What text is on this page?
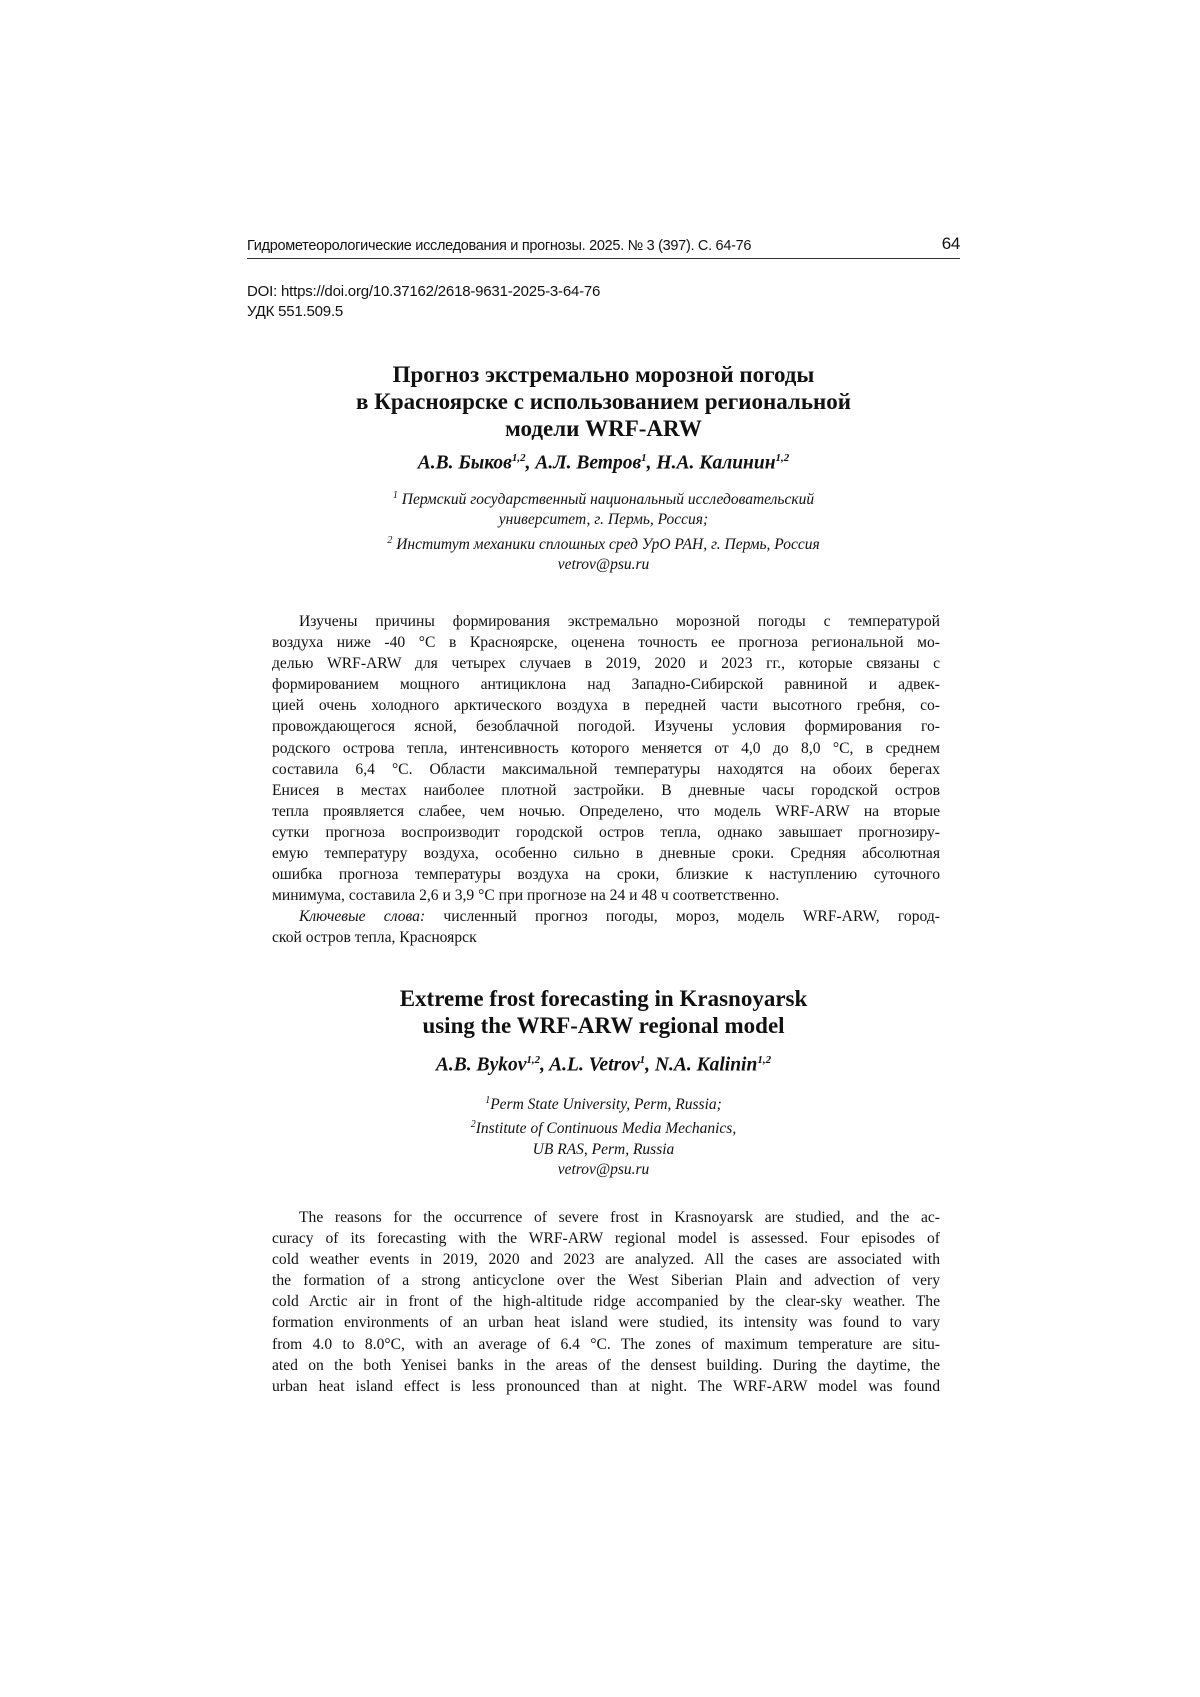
Гидрометеорологические исследования и прогнозы. 2025. № 3 (397). С. 64-76	64
DOI: https://doi.org/10.37162/2618-9631-2025-3-64-76
УДК 551.509.5
Прогноз экстремально морозной погоды
в Красноярске с использованием региональной
модели WRF-ARW
А.В. Быков$^{1,2}$, А.Л. Ветров$^1$, Н.А. Калинин$^{1,2}$
$^1$ Пермский государственный национальный исследовательский
университет, г. Пермь, Россия;
$^2$ Институт механики сплошных сред УрО РАН, г. Пермь, Россия
vetrov@psu.ru
Изучены причины формирования экстремально морозной погоды с температурой
воздуха ниже -40 °С в Красноярске, оценена точность ее прогноза региональной мо-
делью WRF-ARW для четырех случаев в 2019, 2020 и 2023 гг., которые связаны с
формированием мощного антициклона над Западно-Сибирской равниной и адвек-
цией очень холодного арктического воздуха в передней части высотного гребня, со-
провождающегося ясной, безоблачной погодой. Изучены условия формирования го-
родского острова тепла, интенсивность которого меняется от 4,0 до 8,0 °С, в среднем
составила 6,4 °С. Области максимальной температуры находятся на обоих берегах
Енисея в местах наиболее плотной застройки. В дневные часы городской остров
тепла проявляется слабее, чем ночью. Определено, что модель WRF-ARW на вторые
сутки прогноза воспроизводит городской остров тепла, однако завышает прогнозиру-
емую температуру воздуха, особенно сильно в дневные сроки. Средняя абсолютная
ошибка прогноза температуры воздуха на сроки, близкие к наступлению суточного
минимума, составила 2,6 и 3,9 °С при прогнозе на 24 и 48 ч соответственно.
Ключевые слова: численный прогноз погоды, мороз, модель WRF-ARW, город-
ской остров тепла, Красноярск
Extreme frost forecasting in Krasnoyarsk
using the WRF-ARW regional model
A.B. Bykov$^{1,2}$, A.L. Vetrov$^1$, N.A. Kalinin$^{1,2}$
$^1$Perm State University, Perm, Russia;
$^2$Institute of Continuous Media Mechanics,
UB RAS, Perm, Russia
vetrov@psu.ru
The reasons for the occurrence of severe frost in Krasnoyarsk are studied, and the ac-
curacy of its forecasting with the WRF-ARW regional model is assessed. Four episodes of
cold weather events in 2019, 2020 and 2023 are analyzed. All the cases are associated with
the formation of a strong anticyclone over the West Siberian Plain and advection of very
cold Arctic air in front of the high-altitude ridge accompanied by the clear-sky weather. The
formation environments of an urban heat island were studied, its intensity was found to vary
from 4.0 to 8.0°C, with an average of 6.4 °C. The zones of maximum temperature are situ-
ated on the both Yenisei banks in the areas of the densest building. During the daytime, the
urban heat island effect is less pronounced than at night. The WRF-ARW model was found
